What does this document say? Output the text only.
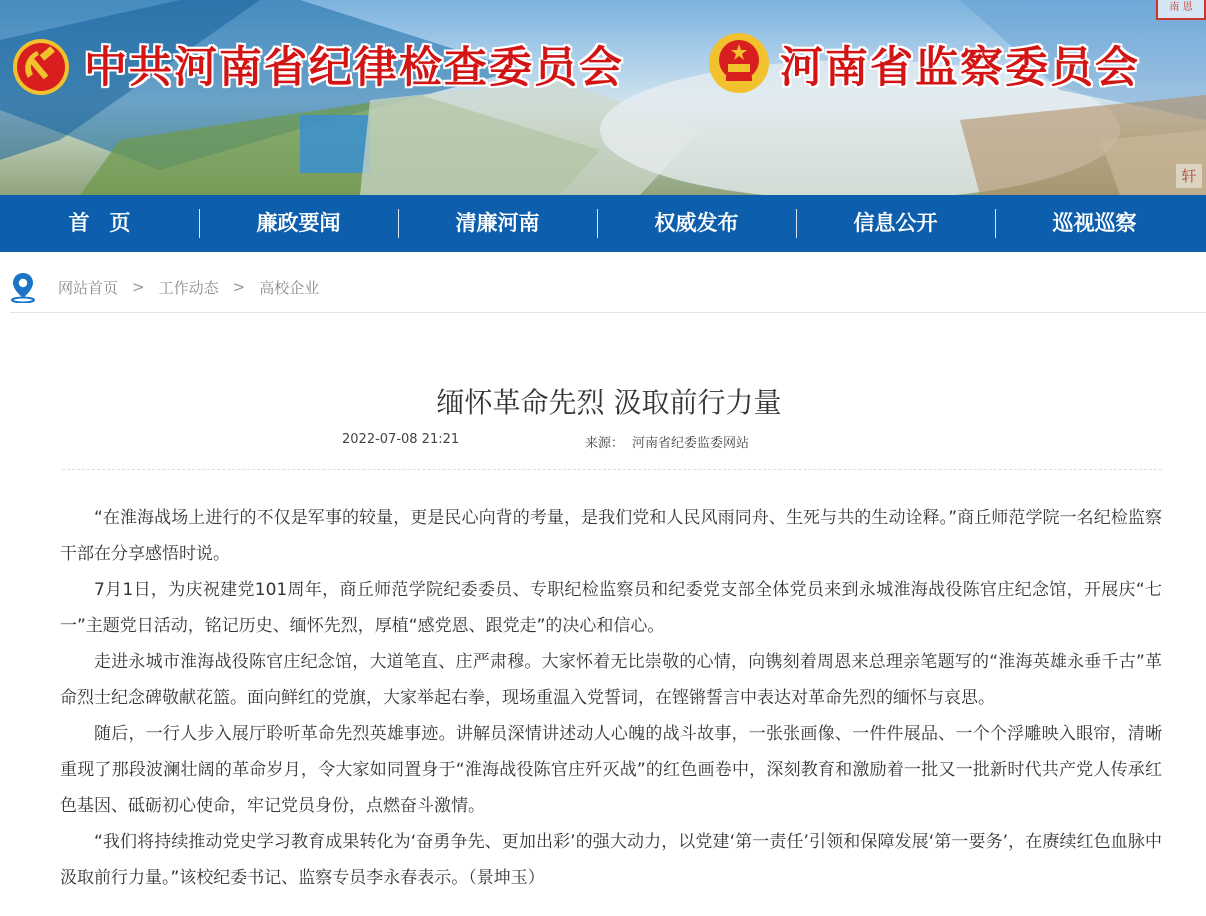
中共河南省纪律检查委员会	河南省监察委员会
南 恩
轩
首页	廉政要闻	清廉河南	权威发布	信息公开	巡视巡察
网站首页 > 工作动态 > 高校企业
缅怀革命先烈 汲取前行力量
2022-07-08 21:21	来源： 河南省纪委监委网站

“在淮海战场上进行的不仅是军事的较量，更是民心向背的考量，是我们党和人民风雨同舟、生死与共的生动诠释。”商丘师范学院一名纪检监察干部在分享感悟时说。

7月1日，为庆祝建党101周年，商丘师范学院纪委委员、专职纪检监察员和纪委党支部全体党员来到永城淮海战役陈官庄纪念馆，开展庆“七一”主题党日活动，铭记历史、缅怀先烈，厚植“感党恩、跟党走”的决心和信心。

走进永城市淮海战役陈官庄纪念馆，大道笔直、庄严肃穆。大家怀着无比崇敬的心情，向镌刻着周恩来总理亲笔题写的“淮海英雄永垂千古”革命烈士纪念碑敬献花篮。面向鲜红的党旗，大家举起右拳，现场重温入党誓词，在铿锵誓言中表达对革命先烈的缅怀与哀思。

随后，一行人步入展厅聆听革命先烈英雄事迹。讲解员深情讲述动人心魄的战斗故事，一张张画像、一件件展品、一个个浮雕映入眼帘，清晰重现了那段波澜壮阔的革命岁月，令大家如同置身于“淮海战役陈官庄歼灭战”的红色画卷中，深刻教育和激励着一批又一批新时代共产党人传承红色基因、砥砺初心使命，牢记党员身份，点燃奋斗激情。

“我们将持续推动党史学习教育成果转化为‘奋勇争先、更加出彩’的强大动力，以党建‘第一责任’引领和保障发展‘第一要务’，在赓续红色血脉中汲取前行力量。”该校纪委书记、监察专员李永春表示。（景坤玉）
